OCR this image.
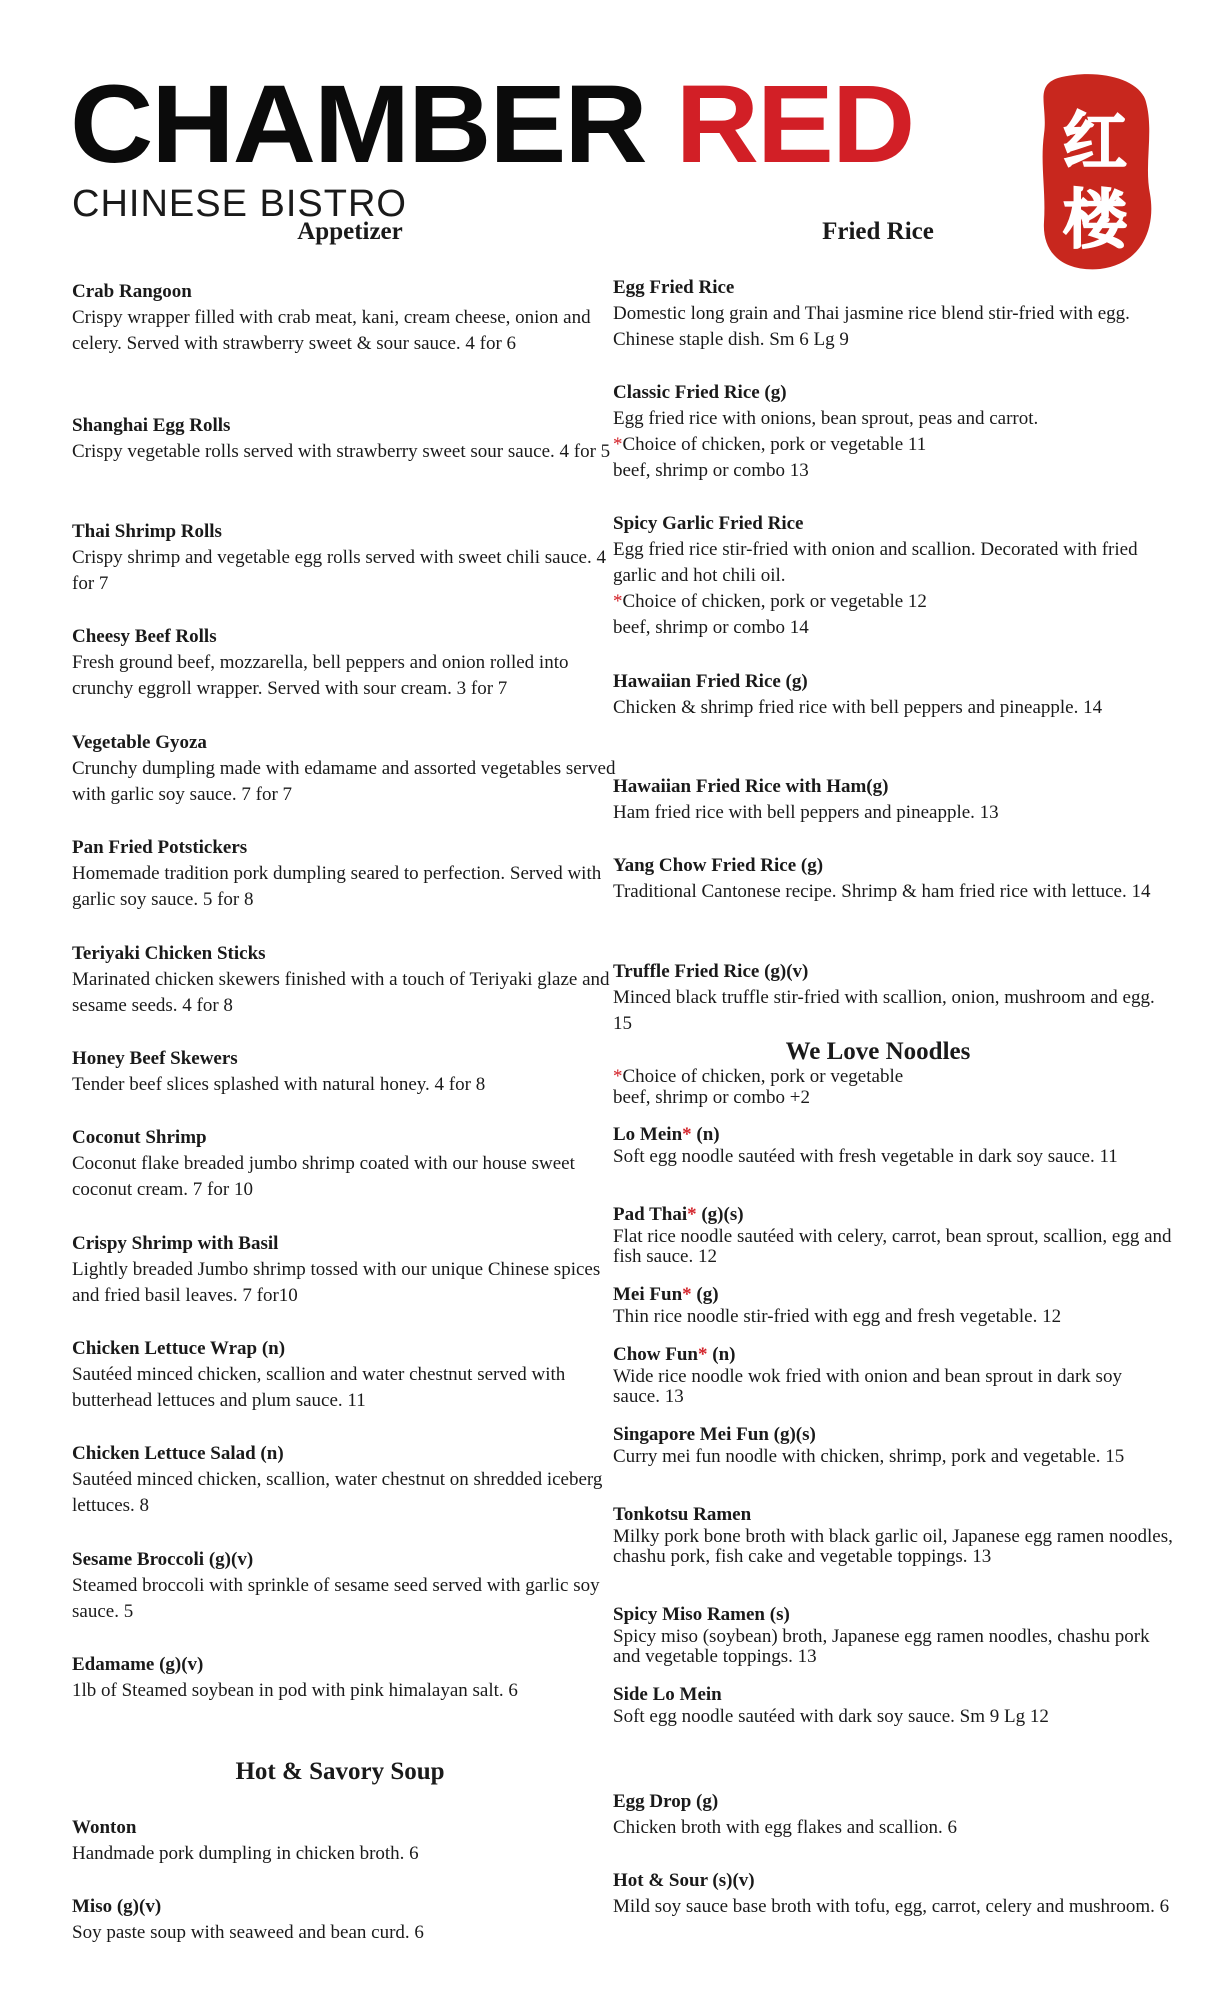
CHAMBER RED
CHINESE BISTRO
红楼
Appetizer
Crab Rangoon
Crispy wrapper filled with crab meat, kani, cream cheese, onion and celery. Served with strawberry sweet & sour sauce. 4 for 6
Shanghai Egg Rolls
Crispy vegetable rolls served with strawberry sweet sour sauce. 4 for 5
Thai Shrimp Rolls
Crispy shrimp and vegetable egg rolls served with sweet chili sauce. 4 for 7
Cheesy Beef Rolls
Fresh ground beef, mozzarella, bell peppers and onion rolled into crunchy eggroll wrapper. Served with sour cream. 3 for 7
Vegetable Gyoza
Crunchy dumpling made with edamame and assorted vegetables served with garlic soy sauce. 7 for 7
Pan Fried Potstickers
Homemade tradition pork dumpling seared to perfection. Served with garlic soy sauce. 5 for 8
Teriyaki Chicken Sticks
Marinated chicken skewers finished with a touch of Teriyaki glaze and sesame seeds. 4 for 8
Honey Beef Skewers
Tender beef slices splashed with natural honey. 4 for 8
Coconut Shrimp
Coconut flake breaded jumbo shrimp coated with our house sweet coconut cream. 7 for 10
Crispy Shrimp with Basil
Lightly breaded Jumbo shrimp tossed with our unique Chinese spices and fried basil leaves. 7 for10
Chicken Lettuce Wrap (n)
Sautéed minced chicken, scallion and water chestnut served with butterhead lettuces and plum sauce. 11
Chicken Lettuce Salad (n)
Sautéed minced chicken, scallion, water chestnut on shredded iceberg lettuces. 8
Sesame Broccoli (g)(v)
Steamed broccoli with sprinkle of sesame seed served with garlic soy sauce. 5
Edamame (g)(v)
1lb of Steamed soybean in pod with pink himalayan salt. 6
Hot & Savory Soup
Wonton
Handmade pork dumpling in chicken broth. 6
Miso (g)(v)
Soy paste soup with seaweed and bean curd. 6
Egg Drop (g)
Chicken broth with egg flakes and scallion. 6
Hot & Sour (s)(v)
Mild soy sauce base broth with tofu, egg, carrot, celery and mushroom. 6
Fried Rice
Egg Fried Rice
Domestic long grain and Thai jasmine rice blend stir-fried with egg. Chinese staple dish. Sm 6 Lg 9
Classic Fried Rice (g)
Egg fried rice with onions, bean sprout, peas and carrot.
*Choice of chicken, pork or vegetable 11
beef, shrimp or combo 13
Spicy Garlic Fried Rice
Egg fried rice stir-fried with onion and scallion. Decorated with fried garlic and hot chili oil.
*Choice of chicken, pork or vegetable 12
beef, shrimp or combo 14
Hawaiian Fried Rice (g)
Chicken & shrimp fried rice with bell peppers and pineapple. 14
Hawaiian Fried Rice with Ham(g)
Ham fried rice with bell peppers and pineapple. 13
Yang Chow Fried Rice (g)
Traditional Cantonese recipe. Shrimp & ham fried rice with lettuce. 14
Truffle Fried Rice (g)(v)
Minced black truffle stir-fried with scallion, onion, mushroom and egg. 15
We Love Noodles
*Choice of chicken, pork or vegetable
beef, shrimp or combo +2
Lo Mein* (n)
Soft egg noodle sautéed with fresh vegetable in dark soy sauce. 11
Pad Thai* (g)(s)
Flat rice noodle sautéed with celery, carrot, bean sprout, scallion, egg and fish sauce. 12
Mei Fun* (g)
Thin rice noodle stir-fried with egg and fresh vegetable. 12
Chow Fun* (n)
Wide rice noodle wok fried with onion and bean sprout in dark soy sauce. 13
Singapore Mei Fun (g)(s)
Curry mei fun noodle with chicken, shrimp, pork and vegetable. 15
Tonkotsu Ramen
Milky pork bone broth with black garlic oil, Japanese egg ramen noodles, chashu pork, fish cake and vegetable toppings. 13
Spicy Miso Ramen (s)
Spicy miso (soybean) broth, Japanese egg ramen noodles, chashu pork and vegetable toppings. 13
Side Lo Mein
Soft egg noodle sautéed with dark soy sauce. Sm 9 Lg 12
